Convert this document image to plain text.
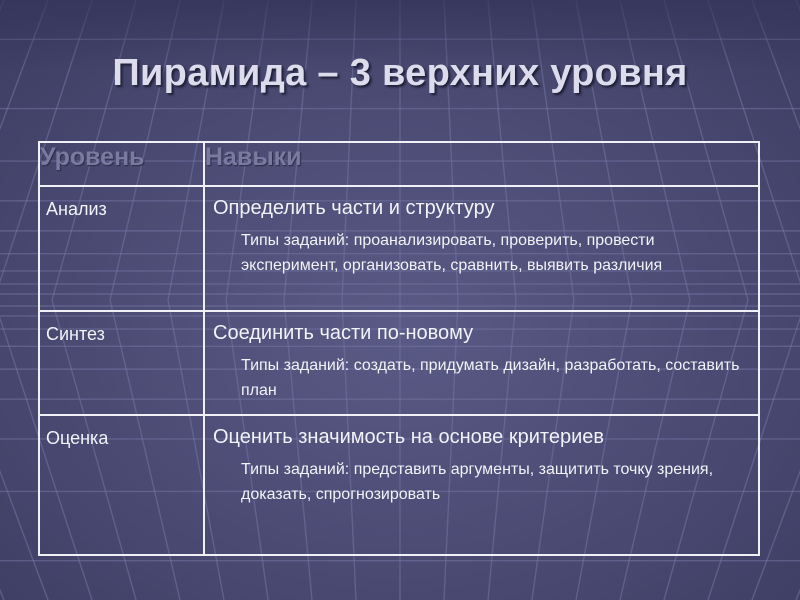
Пирамида – 3 верхних уровня
Уровень	Навыки
Анализ	Определить части и структуру
Типы заданий: проанализировать, проверить, провести эксперимент, организовать, сравнить, выявить различия

Синтез	Соединить части по-новому
Типы заданий: создать, придумать дизайн, разработать, составить план

Оценка	Оценить значимость на основе критериев
Типы заданий: представить аргументы, защитить точку зрения, доказать, спрогнозировать
